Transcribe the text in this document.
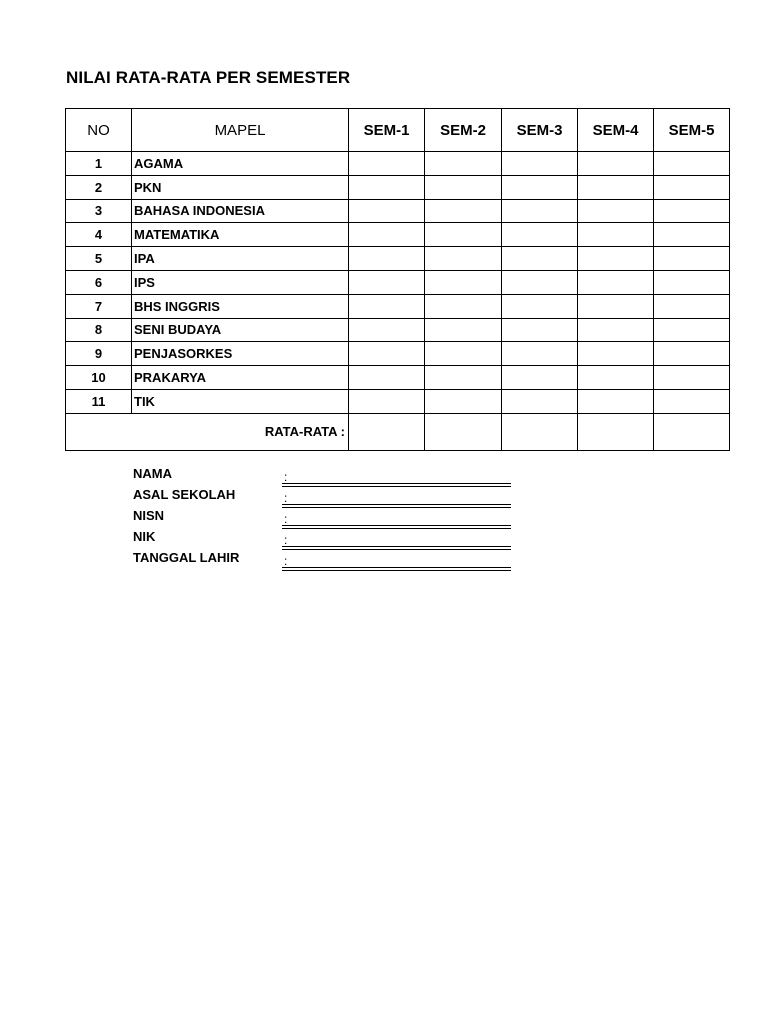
NILAI RATA-RATA PER SEMESTER
NO	MAPEL	SEM-1	SEM-2	SEM-3	SEM-4	SEM-5
1	AGAMA					
2	PKN					
3	BAHASA INDONESIA					
4	MATEMATIKA					
5	IPA					
6	IPS					
7	BHS INGGRIS					
8	SENI BUDAYA					
9	PENJASORKES					
10	PRAKARYA					
11	TIK					
RATA-RATA :						
NAMA	:
ASAL SEKOLAH	:
NISN	:
NIK	:
TANGGAL LAHIR	:
